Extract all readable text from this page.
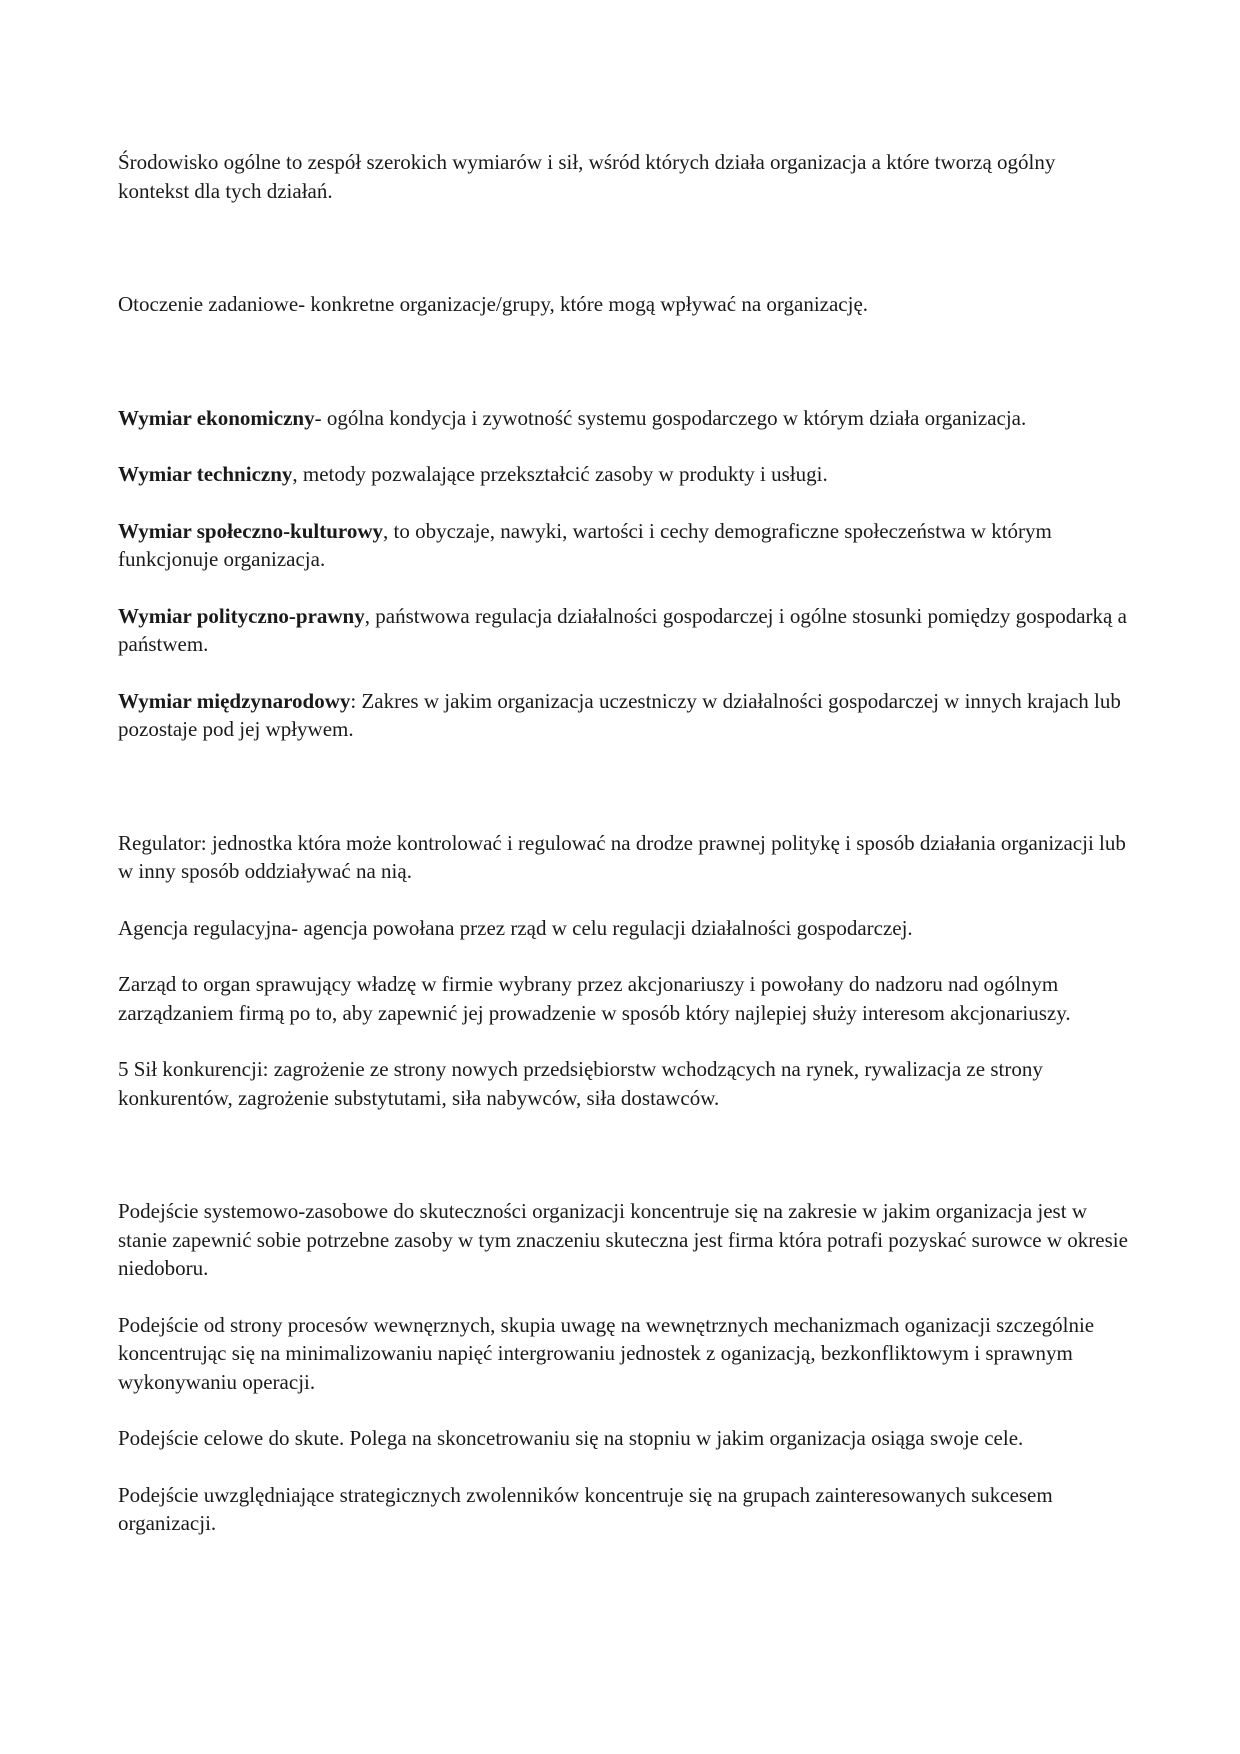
Środowisko ogólne to zespół szerokich wymiarów i sił, wśród których działa organizacja a które tworzą ogólny kontekst dla tych działań.

Otoczenie zadaniowe- konkretne organizacje/grupy, które mogą wpływać na organizację.

Wymiar ekonomiczny- ogólna kondycja i zywotność systemu gospodarczego w którym działa organizacja.

Wymiar techniczny, metody pozwalające przekształcić zasoby w produkty i usługi.

Wymiar społeczno-kulturowy, to obyczaje, nawyki, wartości i cechy demograficzne społeczeństwa w którym funkcjonuje organizacja.

Wymiar polityczno-prawny, państwowa regulacja działalności gospodarczej i ogólne stosunki pomiędzy gospodarką a państwem.

Wymiar międzynarodowy: Zakres w jakim organizacja uczestniczy w działalności gospodarczej w innych krajach lub pozostaje pod jej wpływem.

Regulator: jednostka która może kontrolować i regulować na drodze prawnej politykę i sposób działania organizacji lub w inny sposób oddziaływać na nią.

Agencja regulacyjna- agencja powołana przez rząd w celu regulacji działalności gospodarczej.

Zarząd to organ sprawujący władzę w firmie wybrany przez akcjonariuszy i powołany do nadzoru nad ogólnym zarządzaniem firmą po to, aby zapewnić jej prowadzenie w sposób który najlepiej służy interesom akcjonariuszy.

5 Sił konkurencji: zagrożenie ze strony nowych przedsiębiorstw wchodzących na rynek, rywalizacja ze strony konkurentów, zagrożenie substytutami, siła nabywców, siła dostawców.

Podejście systemowo-zasobowe do skuteczności organizacji koncentruje się na zakresie w jakim organizacja jest w stanie zapewnić sobie potrzebne zasoby w tym znaczeniu skuteczna jest firma która potrafi pozyskać surowce w okresie niedoboru.

Podejście od strony procesów wewnęrznych, skupia uwagę na wewnętrznych mechanizmach oganizacji szczególnie koncentrując się na minimalizowaniu napięć intergrowaniu jednostek z oganizacją, bezkonfliktowym i sprawnym wykonywaniu operacji.

Podejście celowe do skute. Polega na skoncetrowaniu się na stopniu w jakim organizacja osiąga swoje cele.

Podejście uwzględniające strategicznych zwolenników koncentruje się na grupach zainteresowanych sukcesem organizacji.
